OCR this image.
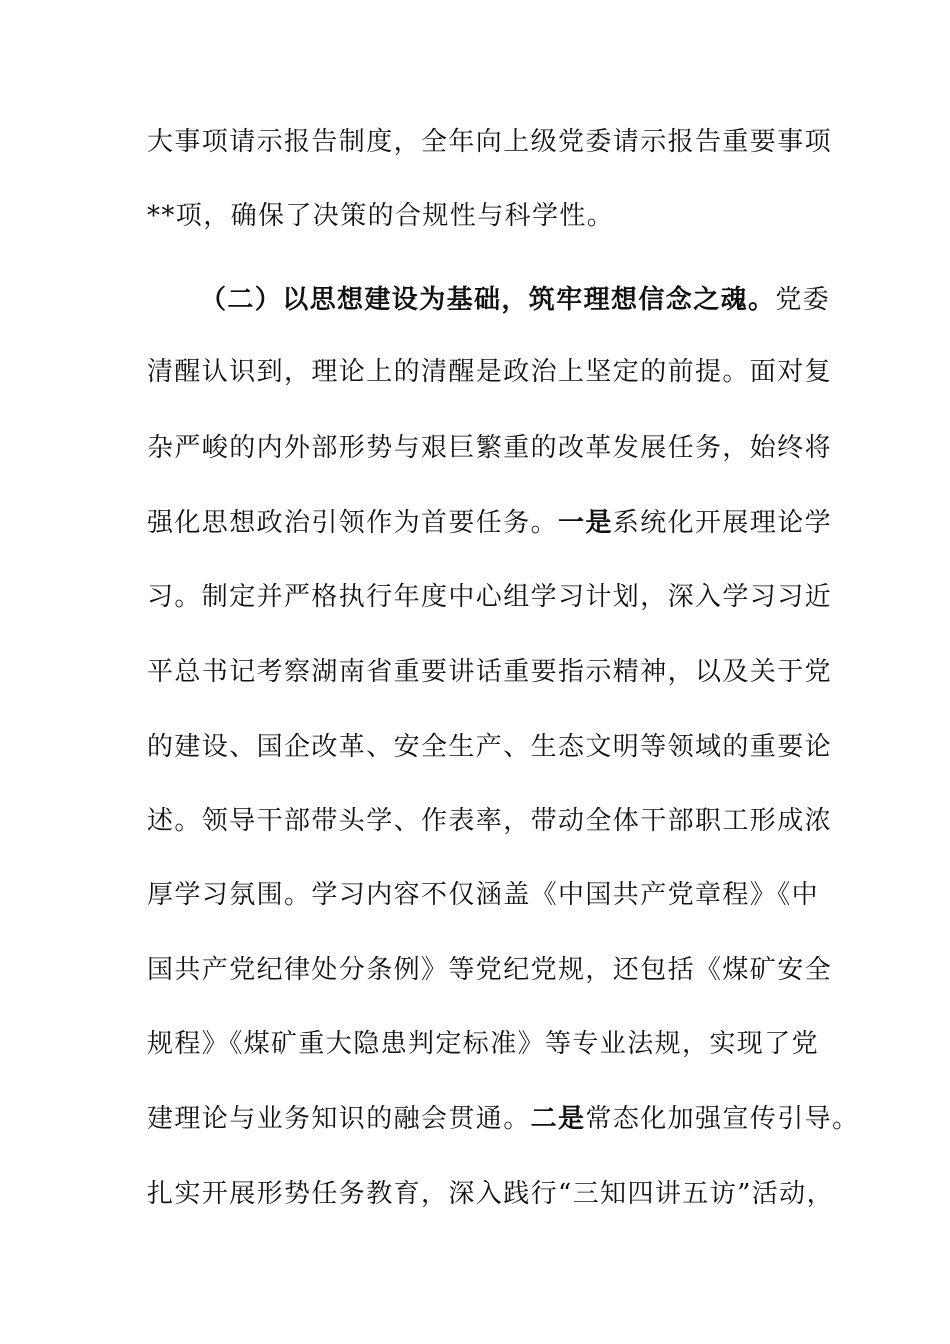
大事项请示报告制度，全年向上级党委请示报告重要事项
**项，确保了决策的合规性与科学性。
（二）以思想建设为基础，筑牢理想信念之魂。党委
清醒认识到，理论上的清醒是政治上坚定的前提。面对复
杂严峻的内外部形势与艰巨繁重的改革发展任务，始终将
强化思想政治引领作为首要任务。一是系统化开展理论学
习。制定并严格执行年度中心组学习计划，深入学习习近
平总书记考察湖南省重要讲话重要指示精神，以及关于党
的建设、国企改革、安全生产、生态文明等领域的重要论
述。领导干部带头学、作表率，带动全体干部职工形成浓
厚学习氛围。学习内容不仅涵盖《中国共产党章程》《中
国共产党纪律处分条例》等党纪党规，还包括《煤矿安全
规程》《煤矿重大隐患判定标准》等专业法规，实现了党
建理论与业务知识的融会贯通。二是常态化加强宣传引导。
扎实开展形势任务教育，深入践行“三知四讲五访”活动，
